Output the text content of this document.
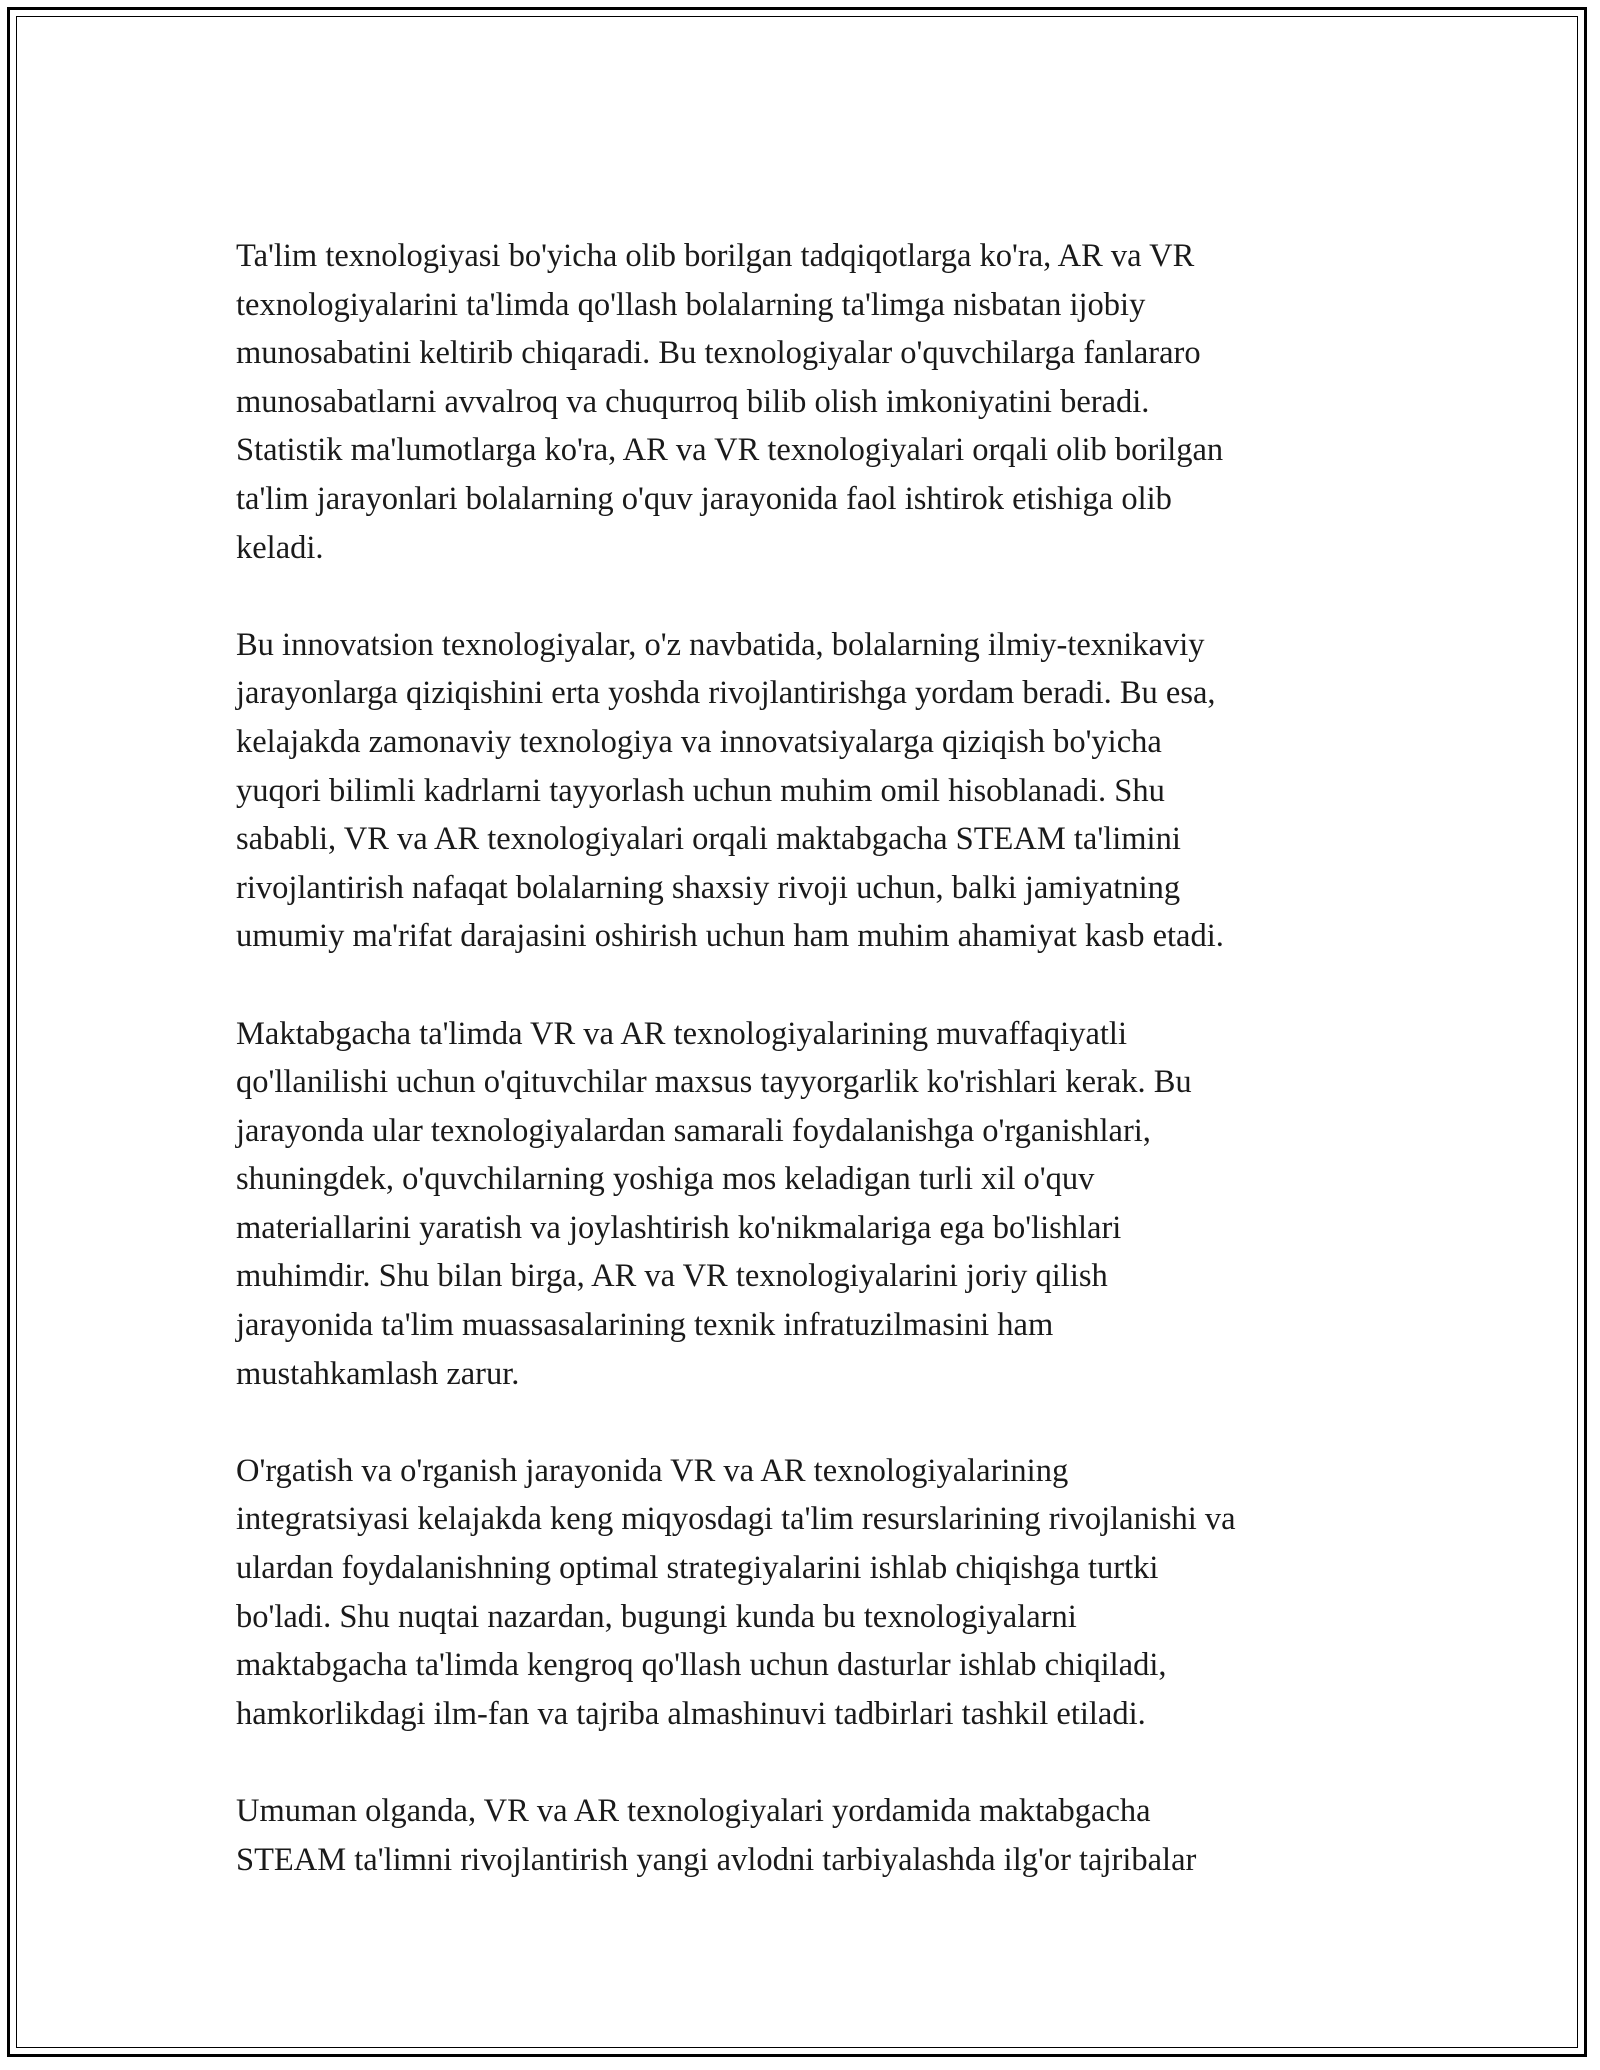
Ta'lim texnologiyasi bo'yicha olib borilgan tadqiqotlarga ko'ra, AR va VR
texnologiyalarini ta'limda qo'llash bolalarning ta'limga nisbatan ijobiy
munosabatini keltirib chiqaradi. Bu texnologiyalar o'quvchilarga fanlararo
munosabatlarni avvalroq va chuqurroq bilib olish imkoniyatini beradi.
Statistik ma'lumotlarga ko'ra, AR va VR texnologiyalari orqali olib borilgan
ta'lim jarayonlari bolalarning o'quv jarayonida faol ishtirok etishiga olib
keladi.
Bu innovatsion texnologiyalar, o'z navbatida, bolalarning ilmiy-texnikaviy
jarayonlarga qiziqishini erta yoshda rivojlantirishga yordam beradi. Bu esa,
kelajakda zamonaviy texnologiya va innovatsiyalarga qiziqish bo'yicha
yuqori bilimli kadrlarni tayyorlash uchun muhim omil hisoblanadi. Shu
sababli, VR va AR texnologiyalari orqali maktabgacha STEAM ta'limini
rivojlantirish nafaqat bolalarning shaxsiy rivoji uchun, balki jamiyatning
umumiy ma'rifat darajasini oshirish uchun ham muhim ahamiyat kasb etadi.
Maktabgacha ta'limda VR va AR texnologiyalarining muvaffaqiyatli
qo'llanilishi uchun o'qituvchilar maxsus tayyorgarlik ko'rishlari kerak. Bu
jarayonda ular texnologiyalardan samarali foydalanishga o'rganishlari,
shuningdek, o'quvchilarning yoshiga mos keladigan turli xil o'quv
materiallarini yaratish va joylashtirish ko'nikmalariga ega bo'lishlari
muhimdir. Shu bilan birga, AR va VR texnologiyalarini joriy qilish
jarayonida ta'lim muassasalarining texnik infratuzilmasini ham
mustahkamlash zarur.
O'rgatish va o'rganish jarayonida VR va AR texnologiyalarining
integratsiyasi kelajakda keng miqyosdagi ta'lim resurslarining rivojlanishi va
ulardan foydalanishning optimal strategiyalarini ishlab chiqishga turtki
bo'ladi. Shu nuqtai nazardan, bugungi kunda bu texnologiyalarni
maktabgacha ta'limda kengroq qo'llash uchun dasturlar ishlab chiqiladi,
hamkorlikdagi ilm-fan va tajriba almashinuvi tadbirlari tashkil etiladi.
Umuman olganda, VR va AR texnologiyalari yordamida maktabgacha
STEAM ta'limni rivojlantirish yangi avlodni tarbiyalashda ilg'or tajribalar
